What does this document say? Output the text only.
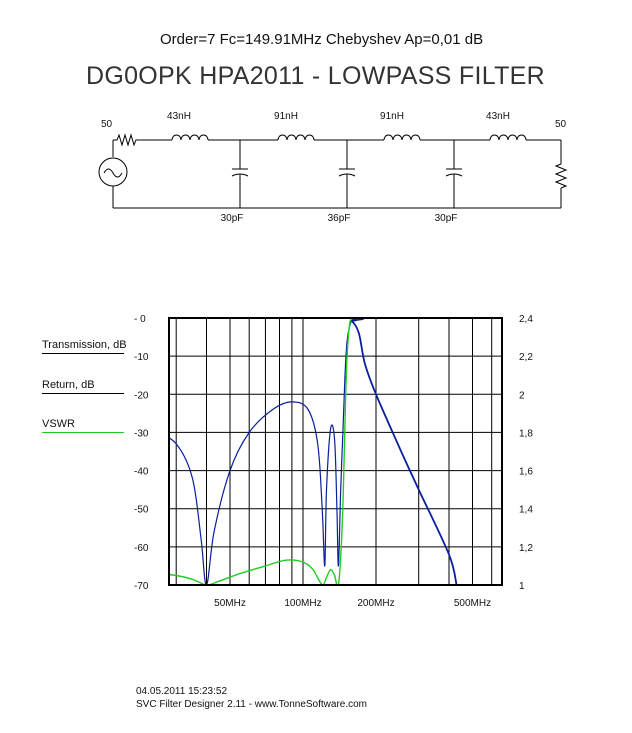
Order=7 Fc=149.91MHz Chebyshev Ap=0,01 dB
DG0OPK HPA2011 - LOWPASS FILTER
50	50
43nH	91nH	91nH	43nH
30pF	36pF	30pF
Transmission, dB
Return, dB
VSWR
- 0
-10
-20
-30
-40
-50
-60
-70
2,4
2,2
2
1,8
1,6
1,4
1,2
1
50MHz	100MHz	200MHz	500MHz
04.05.2011 15:23:52
SVC Filter Designer 2.11 - www.TonneSoftware.com
